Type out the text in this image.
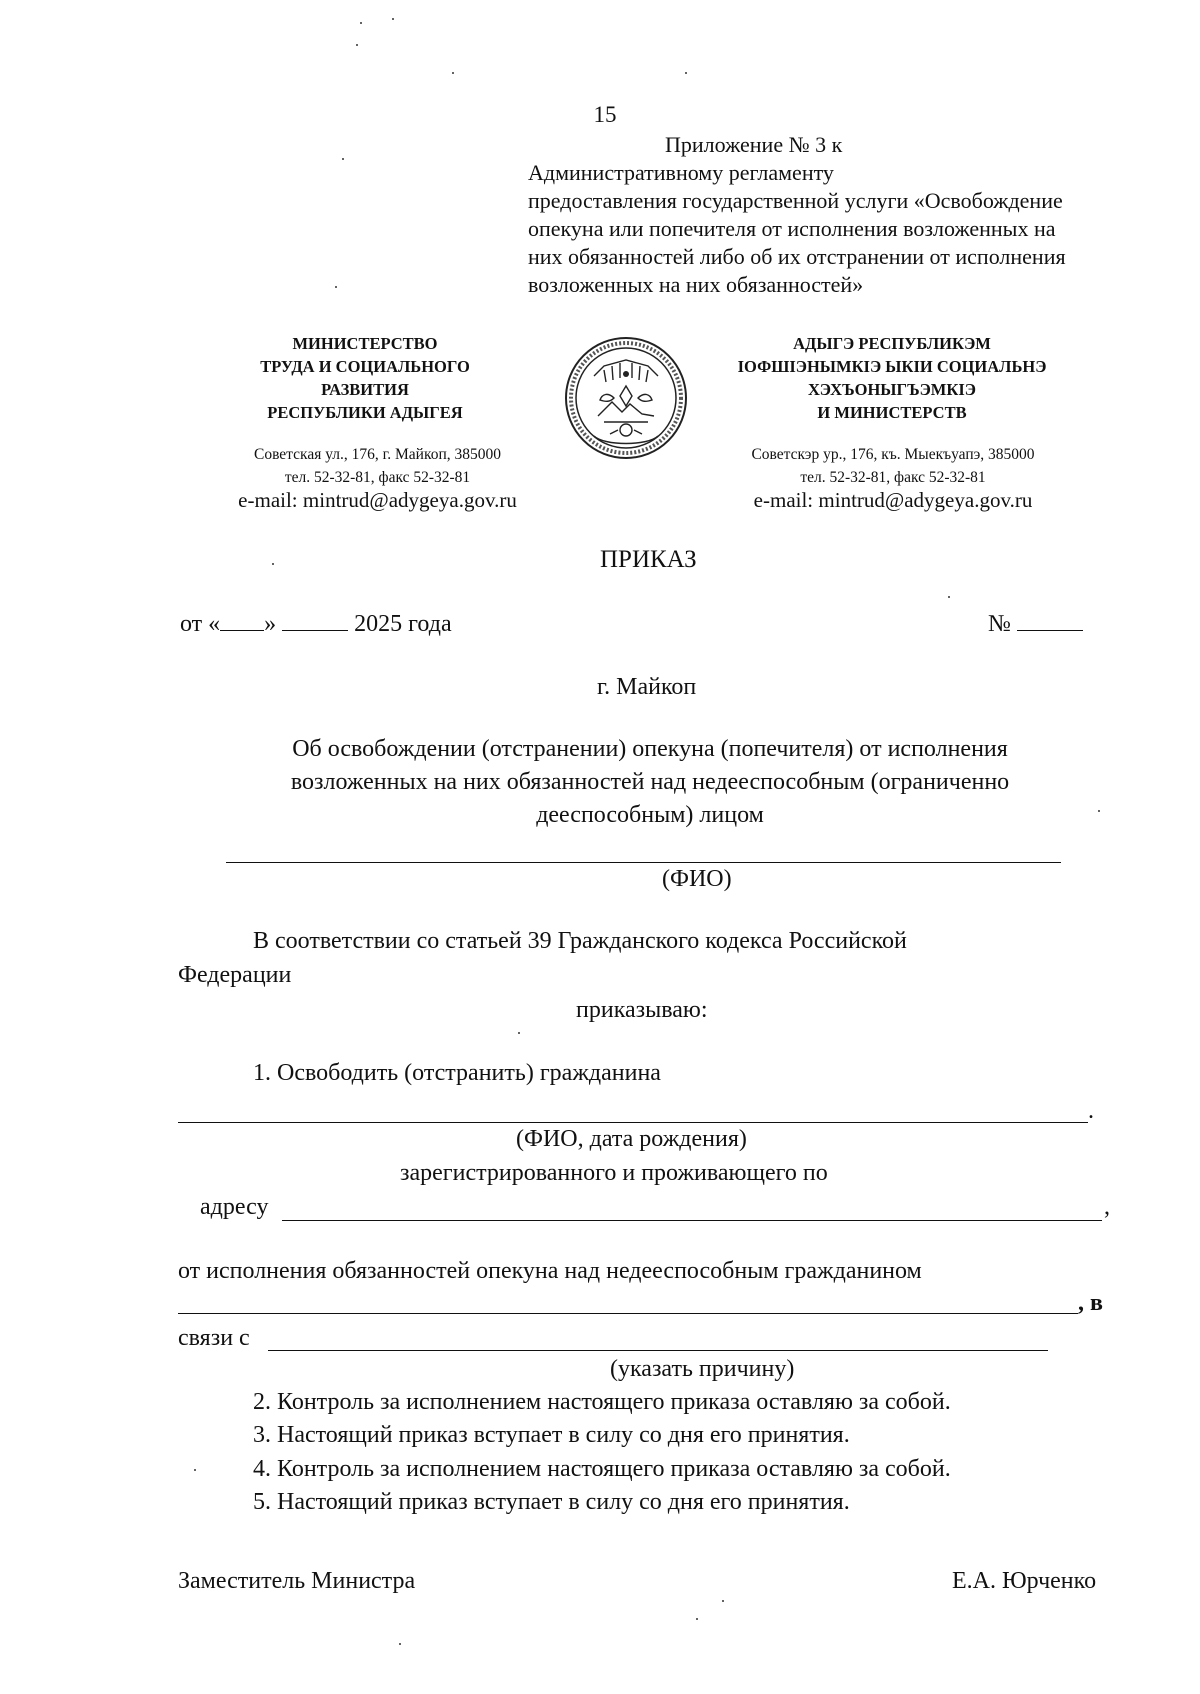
15
Приложение № 3 к
Административному регламенту
предоставления государственной услуги «Освобождение
опекуна или попечителя от исполнения возложенных на
них обязанностей либо об их отстранении от исполнения
возложенных на них обязанностей»
МИНИСТЕРСТВО
ТРУДА И СОЦИАЛЬНОГО
РАЗВИТИЯ
РЕСПУБЛИКИ АДЫГЕЯ
Советская ул., 176, г. Майкоп, 385000
тел. 52-32-81, факс 52-32-81
e-mail: mintrud@adygeya.gov.ru
АДЫГЭ РЕСПУБЛИКЭМ
IОФШIЭНЫМКIЭ ЫКIИ СОЦИАЛЬНЭ
ХЭХЪОНЫГЪЭМКIЭ
И МИНИСТЕРСТВ
Советскэр ур., 176, къ. Мыекъуапэ, 385000
тел. 52-32-81, факс 52-32-81
e-mail: mintrud@adygeya.gov.ru
ПРИКАЗ
от « »	2025 года	№
г. Майкоп
Об освобождении (отстранении) опекуна (попечителя) от исполнения
возложенных на них обязанностей над недееспособным (ограниченно
дееспособным) лицом
(ФИО)
В соответствии со статьей 39 Гражданского кодекса Российской
Федерации
приказываю:
1. Освободить (отстранить) гражданина
.
(ФИО, дата рождения)
зарегистрированного и проживающего по
адресу	,
от исполнения обязанностей опекуна над недееспособным гражданином
, в
связи с
(указать причину)
2. Контроль за исполнением настоящего приказа оставляю за собой.
3. Настоящий приказ вступает в силу со дня его принятия.
4. Контроль за исполнением настоящего приказа оставляю за собой.
5. Настоящий приказ вступает в силу со дня его принятия.
Заместитель Министра	Е.А. Юрченко
